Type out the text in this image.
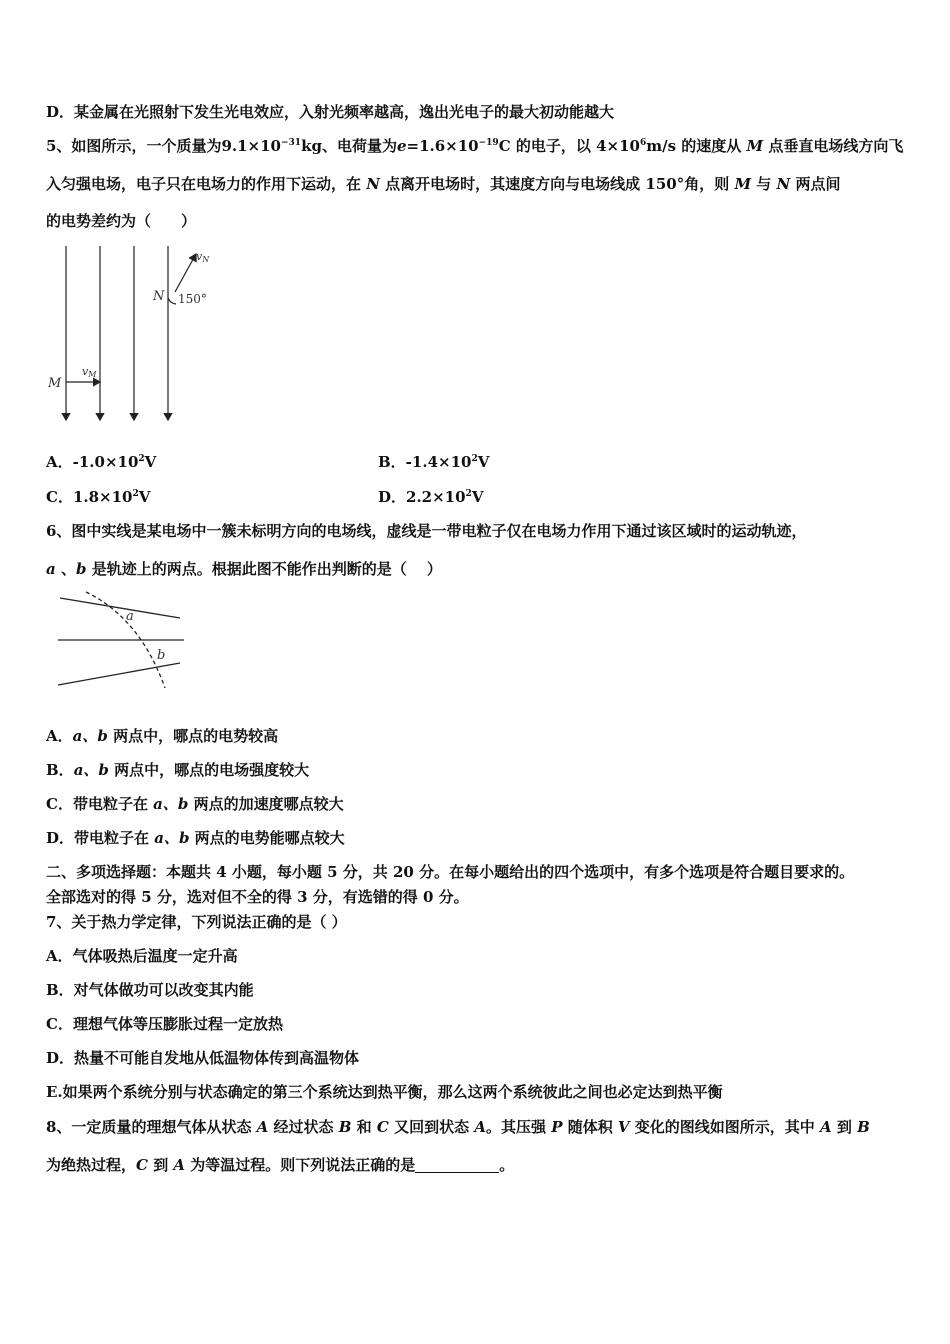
D．某金属在光照射下发生光电效应，入射光频率越高，逸出光电子的最大初动能越大
5、如图所示，一个质量为$9.1\times 10^{-31}kg$、电荷量为$e=1.6\times 10^{-19}C$ 的电子，以 $4\times 10^6m/s$ 的速度从 M 点垂直电场线方向飞
入匀强电场，电子只在电场力的作用下运动，在 N 点离开电场时，其速度方向与电场线成 150°角，则 M 与 N 两点间
的电势差约为（　　）
M
vM
N
vN
150°
A．$-1.0\times 10^2V$	B．$-1.4\times 10^2V$
C．$1.8\times 10^2V$	D．$2.2\times 10^2V$
6、图中实线是某电场中一簇未标明方向的电场线，虚线是一带电粒子仅在电场力作用下通过该区域时的运动轨迹，
a 、b 是轨迹上的两点。根据此图不能作出判断的是（　 ）
a
b
A．a、b 两点中，哪点的电势较高
B．a、b 两点中，哪点的电场强度较大
C．带电粒子在 a、b 两点的加速度哪点较大
D．带电粒子在 a、b 两点的电势能哪点较大
二、多项选择题：本题共 4 小题，每小题 5 分，共 20 分。在每小题给出的四个选项中，有多个选项是符合题目要求的。
全部选对的得 5 分，选对但不全的得 3 分，有选错的得 0 分。
7、关于热力学定律，下列说法正确的是（ ）
A．气体吸热后温度一定升高
B．对气体做功可以改变其内能
C．理想气体等压膨胀过程一定放热
D．热量不可能自发地从低温物体传到高温物体
E.如果两个系统分别与状态确定的第三个系统达到热平衡，那么这两个系统彼此之间也必定达到热平衡
8、一定质量的理想气体从状态 A 经过状态 B 和 C 又回到状态 A。其压强 P 随体积 V 变化的图线如图所示，其中 A 到 B
为绝热过程，C 到 A 为等温过程。则下列说法正确的是	。
